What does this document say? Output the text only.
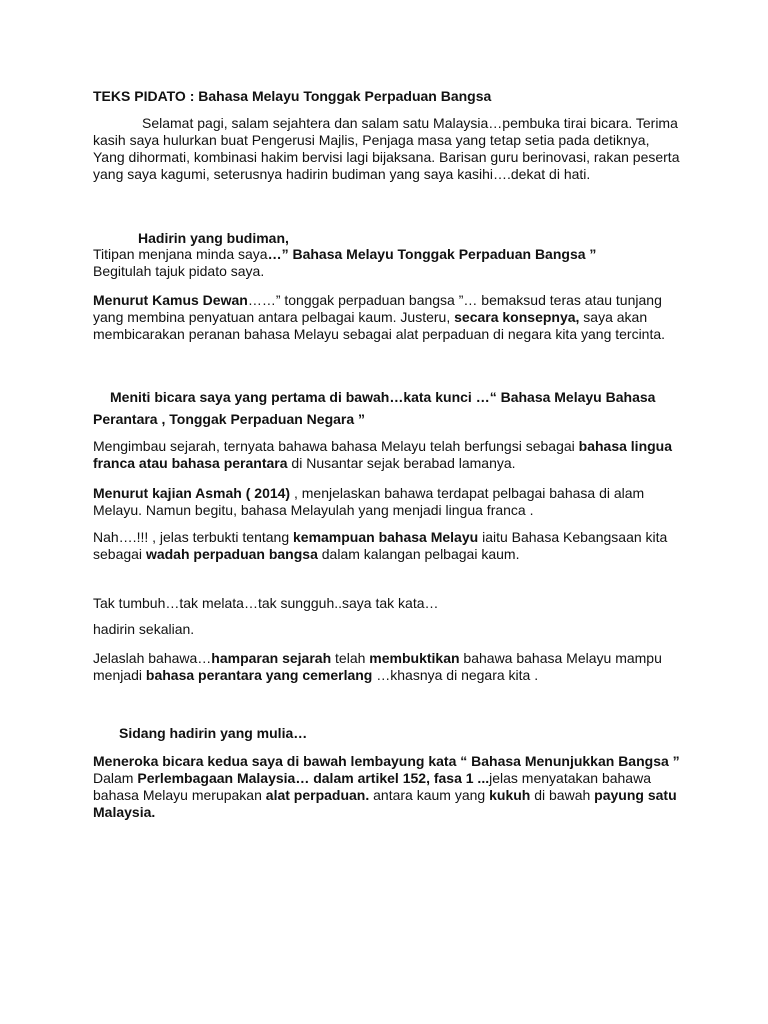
TEKS PIDATO : Bahasa Melayu Tonggak Perpaduan Bangsa

Selamat pagi, salam sejahtera dan salam satu Malaysia…pembuka tirai bicara. Terima kasih saya hulurkan buat Pengerusi Majlis, Penjaga masa yang tetap setia pada detiknya, Yang dihormati, kombinasi hakim bervisi lagi bijaksana. Barisan guru berinovasi, rakan peserta yang saya kagumi, seterusnya hadirin budiman yang saya kasihi….dekat di hati.

Hadirin yang budiman,

Titipan menjana minda saya…” Bahasa Melayu Tonggak Perpaduan Bangsa ”
Begitulah tajuk pidato saya.

Menurut Kamus Dewan……” tonggak perpaduan bangsa ”… bemaksud teras atau tunjang yang membina penyatuan antara pelbagai kaum. Justeru, secara konsepnya, saya akan membicarakan peranan bahasa Melayu sebagai alat perpaduan di negara kita yang tercinta.

Meniti bicara saya yang pertama di bawah…kata kunci …“ Bahasa Melayu Bahasa Perantara , Tonggak Perpaduan Negara ”

Mengimbau sejarah, ternyata bahawa bahasa Melayu telah berfungsi sebagai bahasa lingua franca atau bahasa perantara di Nusantar sejak berabad lamanya.

Menurut kajian Asmah ( 2014) , menjelaskan bahawa terdapat pelbagai bahasa di alam Melayu. Namun begitu, bahasa Melayulah yang menjadi lingua franca .

Nah….!!! , jelas terbukti tentang kemampuan bahasa Melayu iaitu Bahasa Kebangsaan kita sebagai wadah perpaduan bangsa dalam kalangan pelbagai kaum.

Tak tumbuh…tak melata…tak sungguh..saya tak kata…

hadirin sekalian.

Jelaslah bahawa…hamparan sejarah telah membuktikan bahawa bahasa Melayu mampu menjadi bahasa perantara yang cemerlang …khasnya di negara kita .

Sidang hadirin yang mulia…

Meneroka bicara kedua saya di bawah lembayung kata “ Bahasa Menunjukkan Bangsa ” Dalam Perlembagaan Malaysia… dalam artikel 152, fasa 1 ...jelas menyatakan bahawa bahasa Melayu merupakan alat perpaduan. antara kaum yang kukuh di bawah payung satu Malaysia.
